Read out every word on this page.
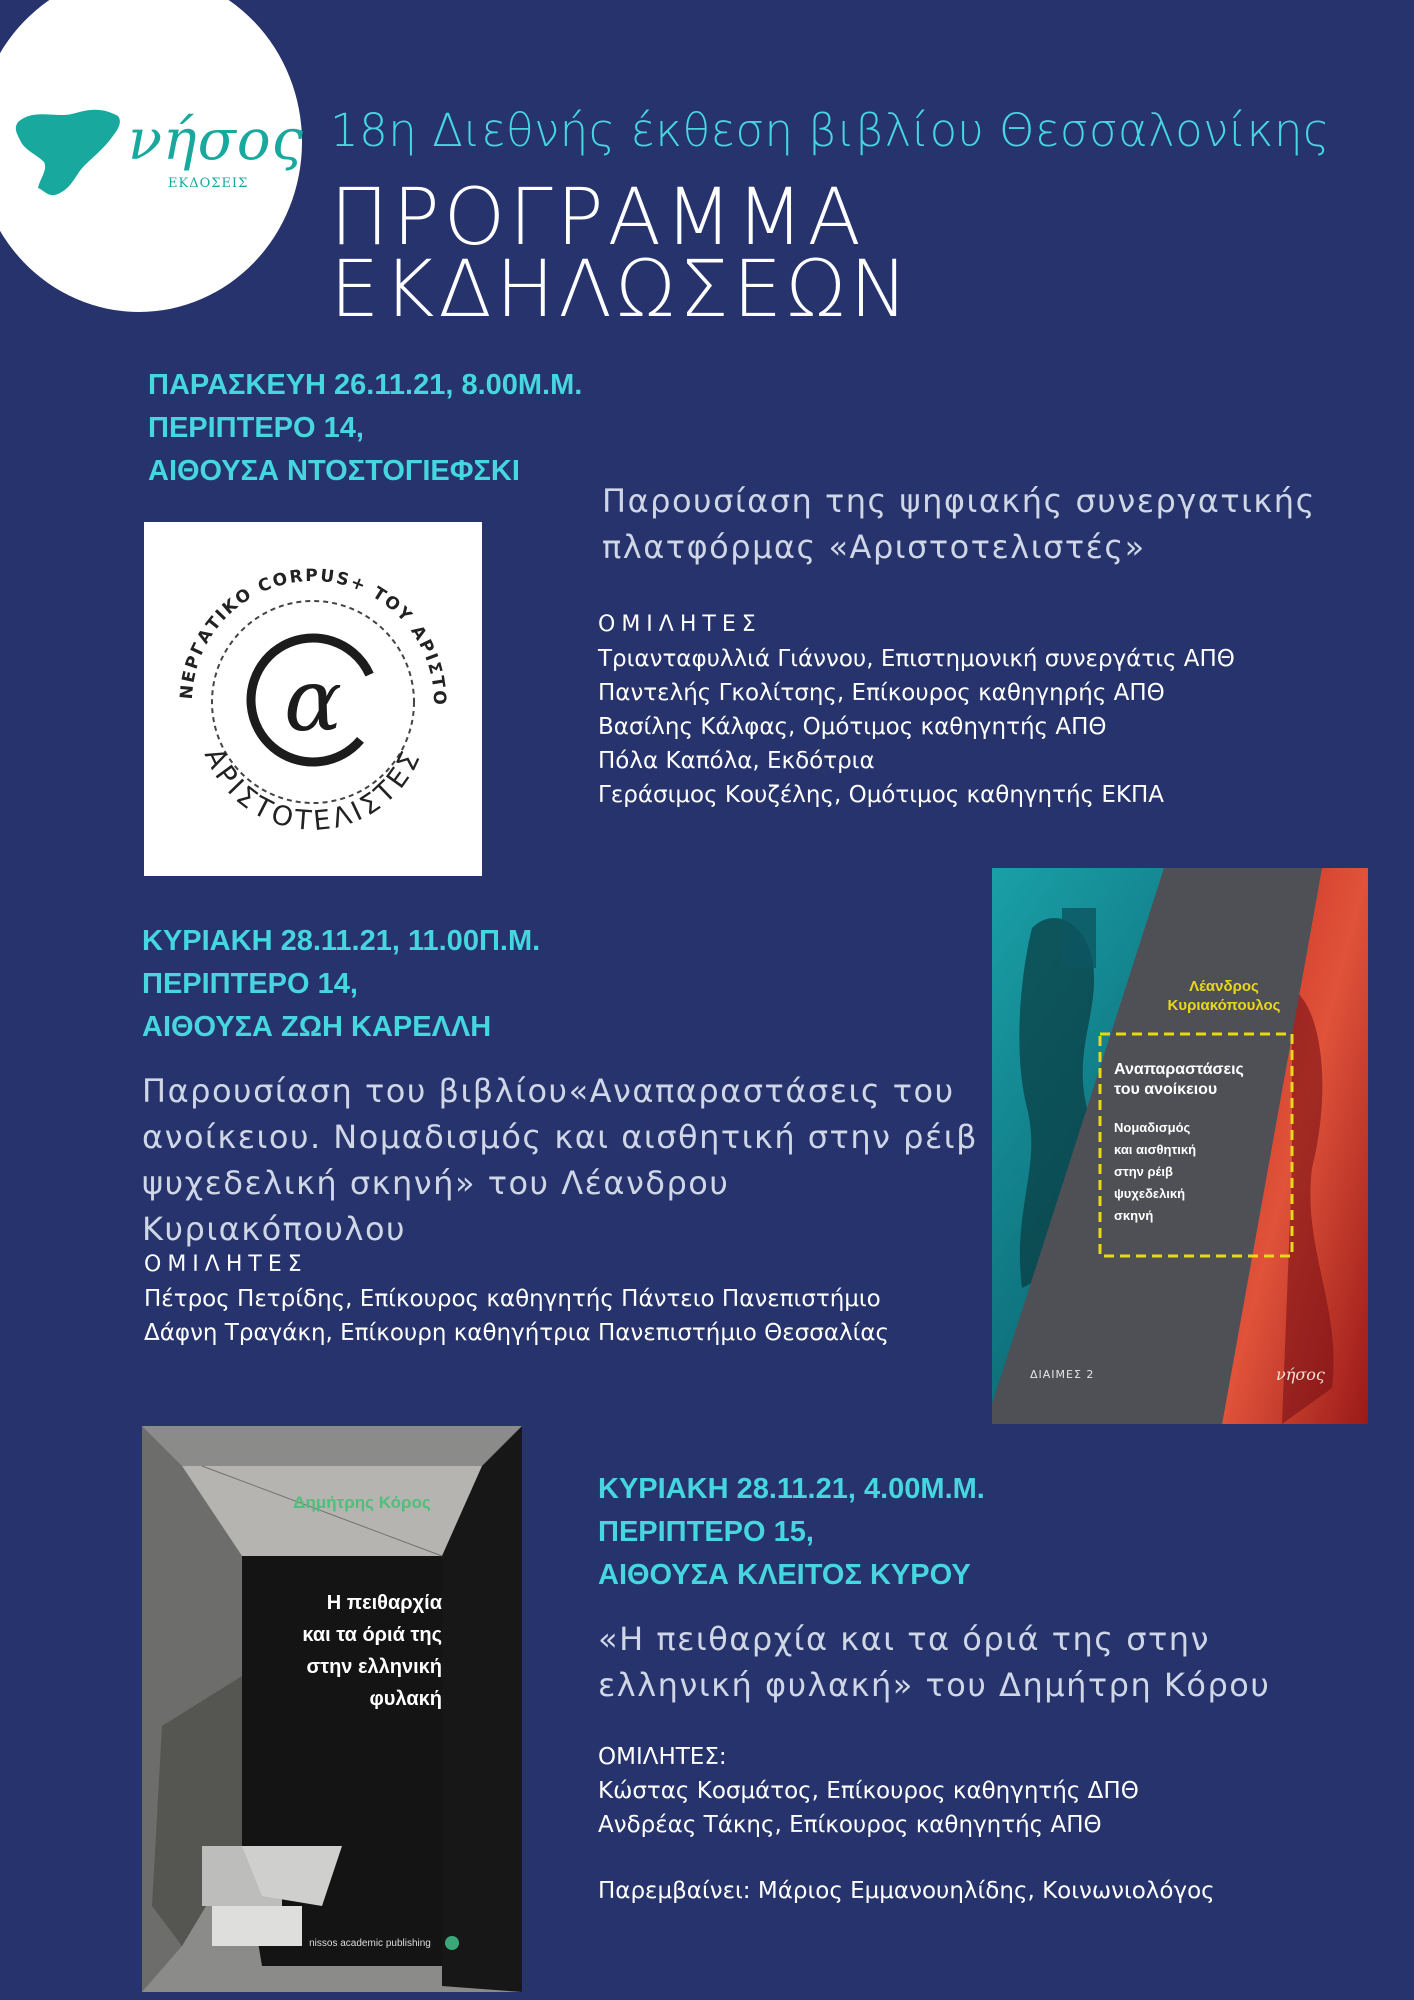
νήσος
ΕΚΔΟΣΕΙΣ
18η Διεθνής έκθεση βιβλίου Θεσσαλονίκης
ΠΡΟΓΡΑΜΜΑ
ΕΚΔΗΛΩΣΕΩΝ
ΠΑΡΑΣΚΕΥΗ 26.11.21, 8.00Μ.Μ.
ΠΕΡΙΠΤΕΡΟ 14,
ΑΙΘΟΥΣΑ ΝΤΟΣΤΟΓΙΕΦΣΚΙ
ΝΕΡΓΑΤΙΚΟ CORPUS+ ΤΟΥ ΑΡΙΣΤΟ
ΑΡΙΣΤΟΤΕΛΙΣΤΕΣ
α
Παρουσίαση της ψηφιακής συνεργατικής
πλατφόρμας «Αριστοτελιστές»
ΟΜΙΛΗΤΕΣ
Τριανταφυλλιά Γιάννου, Επιστημονική συνεργάτις ΑΠΘ
Παντελής Γκολίτσης, Επίκουρος καθηγηρής ΑΠΘ
Βασίλης Κάλφας, Ομότιμος καθηγητής ΑΠΘ
Πόλα Καπόλα, Εκδότρια
Γεράσιμος Κουζέλης, Ομότιμος καθηγητής ΕΚΠΑ
ΚΥΡΙΑΚΗ 28.11.21, 11.00Π.Μ.
ΠΕΡΙΠΤΕΡΟ 14,
ΑΙΘΟΥΣΑ ΖΩΗ ΚΑΡΕΛΛΗ
Παρουσίαση του βιβλίου«Αναπαραστάσεις του
ανοίκειου. Νομαδισμός και αισθητική στην ρέιβ
ψυχεδελική σκηνή» του Λέανδρου
Κυριακόπουλου
ΟΜΙΛΗΤΕΣ
Πέτρος Πετρίδης, Επίκουρος καθηγητής Πάντειο Πανεπιστήμιο
Δάφνη Τραγάκη, Επίκουρη καθηγήτρια Πανεπιστήμιο Θεσσαλίας
Λέανδρος
Κυριακόπουλος
Αναπαραστάσεις
του ανοίκειου
Νομαδισμός
και αισθητική
στην ρέιβ
ψυχεδελική
σκηνή
ΔΙΑΙΜΕΣ 2	νήσος
Δημήτρης Κόρος
Η πειθαρχία
και τα όριά της
στην ελληνική
φυλακή
nissos academic publishing
ΚΥΡΙΑΚΗ 28.11.21, 4.00Μ.Μ.
ΠΕΡΙΠΤΕΡΟ 15,
ΑΙΘΟΥΣΑ ΚΛΕΙΤΟΣ ΚΥΡΟΥ
«Η πειθαρχία και τα όριά της στην
ελληνική φυλακή» του Δημήτρη Κόρου
ΟΜΙΛΗΤΕΣ:
Κώστας Κοσμάτος, Επίκουρος καθηγητής ΔΠΘ
Ανδρέας Τάκης, Επίκουρος καθηγητής ΑΠΘ
Παρεμβαίνει: Μάριος Εμμανουηλίδης, Κοινωνιολόγος
